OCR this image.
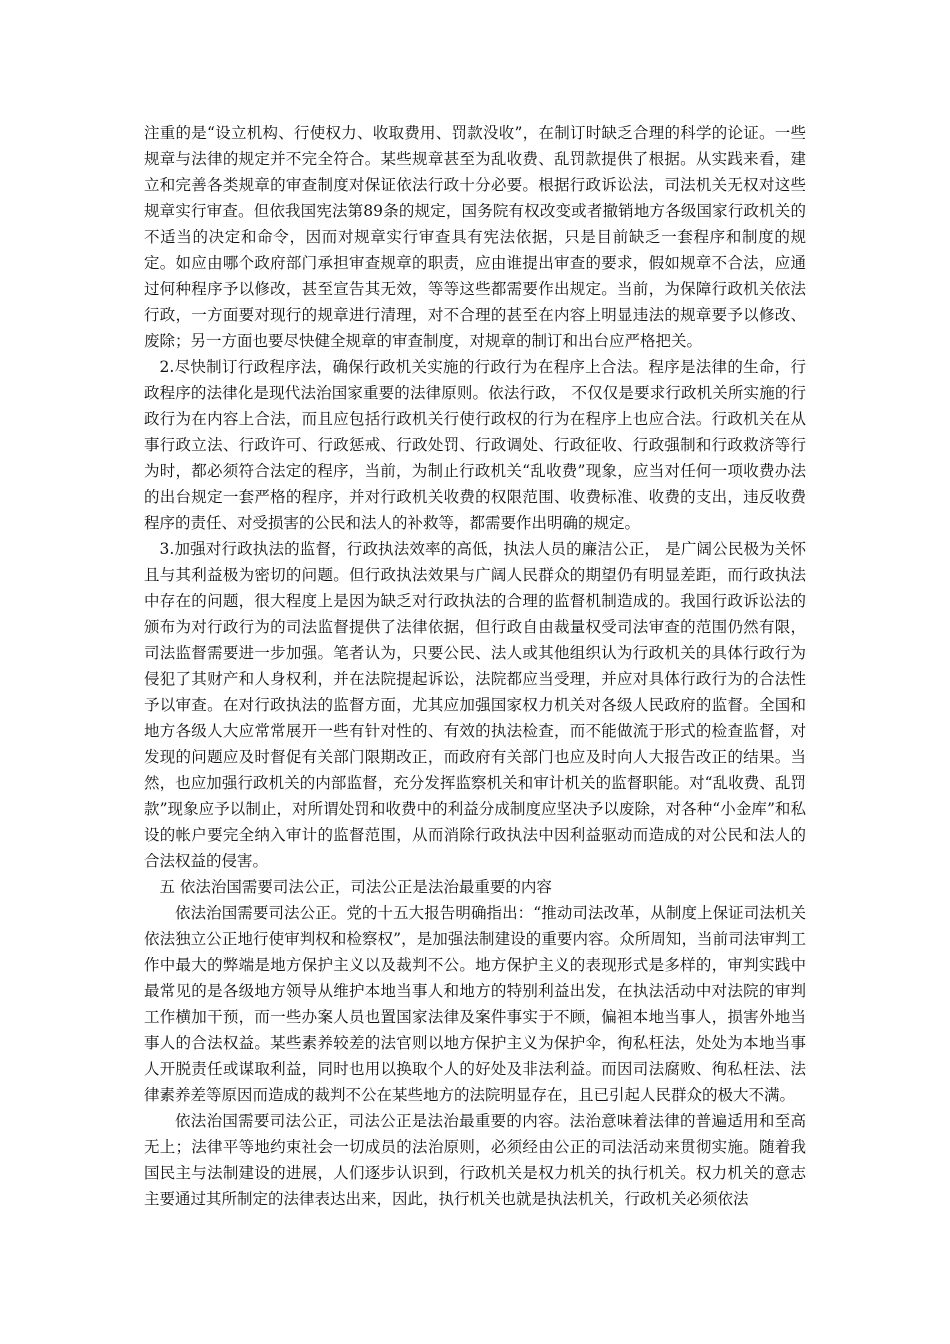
注重的是“设立机构、行使权力、收取费用、罚款没收”，在制订时缺乏合理的科学的论证。一些规章与法律的规定并不完全符合。某些规章甚至为乱收费、乱罚款提供了根据。从实践来看，建立和完善各类规章的审查制度对保证依法行政十分必要。根据行政诉讼法，司法机关无权对这些规章实行审查。但依我国宪法第89条的规定，国务院有权改变或者撤销地方各级国家行政机关的不适当的决定和命令，因而对规章实行审查具有宪法依据，只是目前缺乏一套程序和制度的规定。如应由哪个政府部门承担审查规章的职责，应由谁提出审查的要求，假如规章不合法，应通过何种程序予以修改，甚至宣告其无效，等等这些都需要作出规定。当前，为保障行政机关依法行政，一方面要对现行的规章进行清理，对不合理的甚至在内容上明显违法的规章要予以修改、废除；另一方面也要尽快健全规章的审查制度，对规章的制订和出台应严格把关。

2.尽快制订行政程序法，确保行政机关实施的行政行为在程序上合法。程序是法律的生命，行政程序的法律化是现代法治国家重要的法律原则。依法行政， 不仅仅是要求行政机关所实施的行政行为在内容上合法，而且应包括行政机关行使行政权的行为在程序上也应合法。行政机关在从事行政立法、行政许可、行政惩戒、行政处罚、行政调处、行政征收、行政强制和行政救济等行为时，都必须符合法定的程序，当前，为制止行政机关“乱收费”现象，应当对任何一项收费办法的出台规定一套严格的程序，并对行政机关收费的权限范围、收费标准、收费的支出，违反收费程序的责任、对受损害的公民和法人的补救等，都需要作出明确的规定。

3.加强对行政执法的监督，行政执法效率的高低，执法人员的廉洁公正， 是广阔公民极为关怀且与其利益极为密切的问题。但行政执法效果与广阔人民群众的期望仍有明显差距，而行政执法中存在的问题，很大程度上是因为缺乏对行政执法的合理的监督机制造成的。我国行政诉讼法的颁布为对行政行为的司法监督提供了法律依据，但行政自由裁量权受司法审查的范围仍然有限，司法监督需要进一步加强。笔者认为，只要公民、法人或其他组织认为行政机关的具体行政行为侵犯了其财产和人身权利，并在法院提起诉讼，法院都应当受理，并应对具体行政行为的合法性予以审查。在对行政执法的监督方面，尤其应加强国家权力机关对各级人民政府的监督。全国和地方各级人大应常常展开一些有针对性的、有效的执法检查，而不能做流于形式的检查监督，对发现的问题应及时督促有关部门限期改正，而政府有关部门也应及时向人大报告改正的结果。当然，也应加强行政机关的内部监督，充分发挥监察机关和审计机关的监督职能。对“乱收费、乱罚款”现象应予以制止，对所谓处罚和收费中的利益分成制度应坚决予以废除，对各种“小金库”和私设的帐户要完全纳入审计的监督范围，从而消除行政执法中因利益驱动而造成的对公民和法人的合法权益的侵害。

五 依法治国需要司法公正，司法公正是法治最重要的内容

依法治国需要司法公正。党的十五大报告明确指出：“推动司法改革，从制度上保证司法机关依法独立公正地行使审判权和检察权”，是加强法制建设的重要内容。众所周知，当前司法审判工作中最大的弊端是地方保护主义以及裁判不公。地方保护主义的表现形式是多样的，审判实践中最常见的是各级地方领导从维护本地当事人和地方的特别利益出发，在执法活动中对法院的审判工作横加干预，而一些办案人员也置国家法律及案件事实于不顾，偏袒本地当事人，损害外地当事人的合法权益。某些素养较差的法官则以地方保护主义为保护伞，徇私枉法，处处为本地当事人开脱责任或谋取利益，同时也用以换取个人的好处及非法利益。而因司法腐败、徇私枉法、法律素养差等原因而造成的裁判不公在某些地方的法院明显存在，且已引起人民群众的极大不满。

依法治国需要司法公正，司法公正是法治最重要的内容。法治意味着法律的普遍适用和至高无上；法律平等地约束社会一切成员的法治原则，必须经由公正的司法活动来贯彻实施。随着我国民主与法制建设的进展，人们逐步认识到，行政机关是权力机关的执行机关。权力机关的意志主要通过其所制定的法律表达出来，因此，执行机关也就是执法机关，行政机关必须依法
